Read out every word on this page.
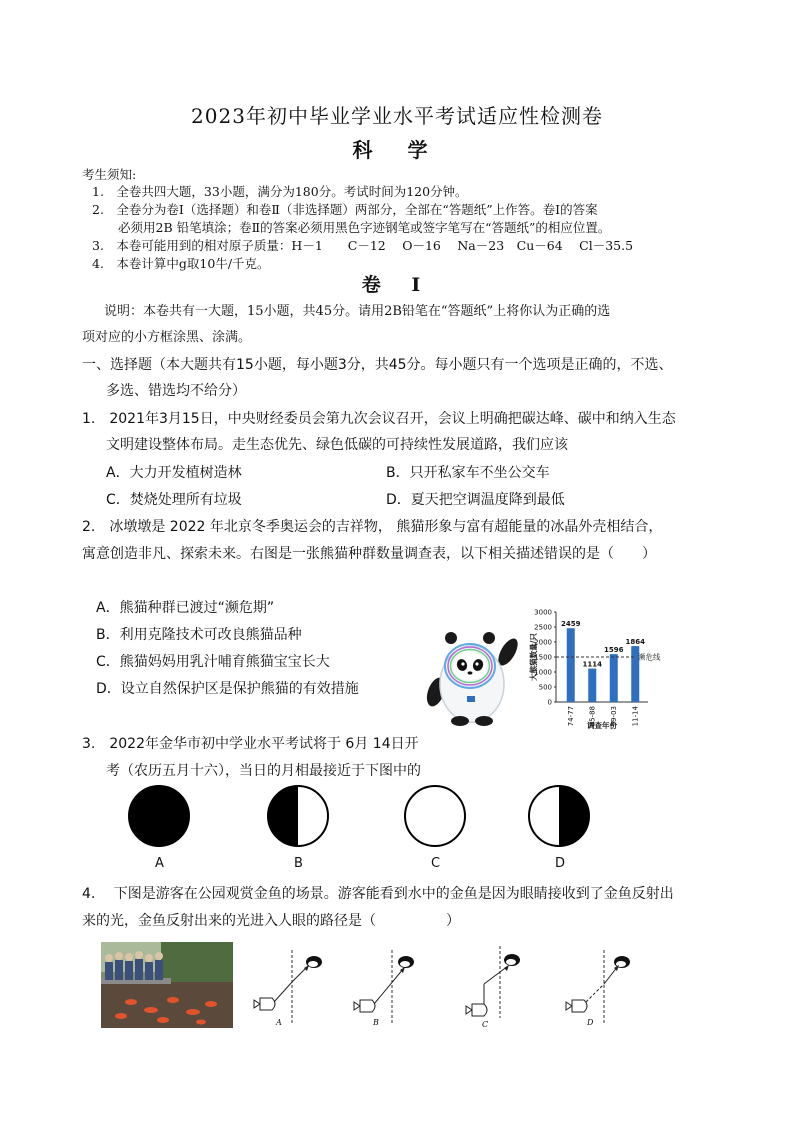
2023年初中毕业学业水平考试适应性检测卷
科 学
考生须知:
1.　全卷共四大题，33小题，满分为180分。考试时间为120分钟。
2.　全卷分为卷Ⅰ（选择题）和卷Ⅱ（非选择题）两部分，全部在“答题纸”上作答。卷Ⅰ的答案
必须用2B 铅笔填涂；卷Ⅱ的答案必须用黑色字迹钢笔或签字笔写在“答题纸”的相应位置。
3.　本卷可能用到的相对原子质量：H－1　　C－12　 O－16　 Na－23　Cu－64　 Cl－35.5
4.　本卷计算中g取10牛/千克。
卷 Ⅰ
说明：本卷共有一大题，15小题，共45分。请用2B铅笔在“答题纸”上将你认为正确的选
项对应的小方框涂黑、涂满。
一、选择题（本大题共有15小题，每小题3分，共45分。每小题只有一个选项是正确的，不选、
多选、错选均不给分）
1.　2021年3月15日，中央财经委员会第九次会议召开，会议上明确把碳达峰、碳中和纳入生态
文明建设整体布局。走生态优先、绿色低碳的可持续性发展道路，我们应该
A．大力开发植树造林	B．只开私家车不坐公交车
C．焚烧处理所有垃圾	D．夏天把空调温度降到最低
2.　冰墩墩是 2022 年北京冬季奥运会的吉祥物， 熊猫形象与富有超能量的冰晶外壳相结合，
寓意创造非凡、探索未来。右图是一张熊猫种群数量调查表，以下相关描述错误的是（　　）
A．熊猫种群已渡过“濒危期”
B．利用克隆技术可改良熊猫品种
C．熊猫妈妈用乳汁哺育熊猫宝宝长大
D．设立自然保护区是保护熊猫的有效措施
0
500
1000
1500
2000
2500
3000
大熊猫数量/只
2459
74-77
1114
85-88
1596
99-03
1864
11-14
濒危线
调查年份
3.　2022年金华市初中学业水平考试将于 6月 14日开
考（农历五月十六），当日的月相最接近于下图中的
A	B	C	D
4.　 下图是游客在公园观赏金鱼的场景。游客能看到水中的金鱼是因为眼睛接收到了金鱼反射出
来的光，金鱼反射出来的光进入人眼的路径是（　　　　　）
A	B	C	D
